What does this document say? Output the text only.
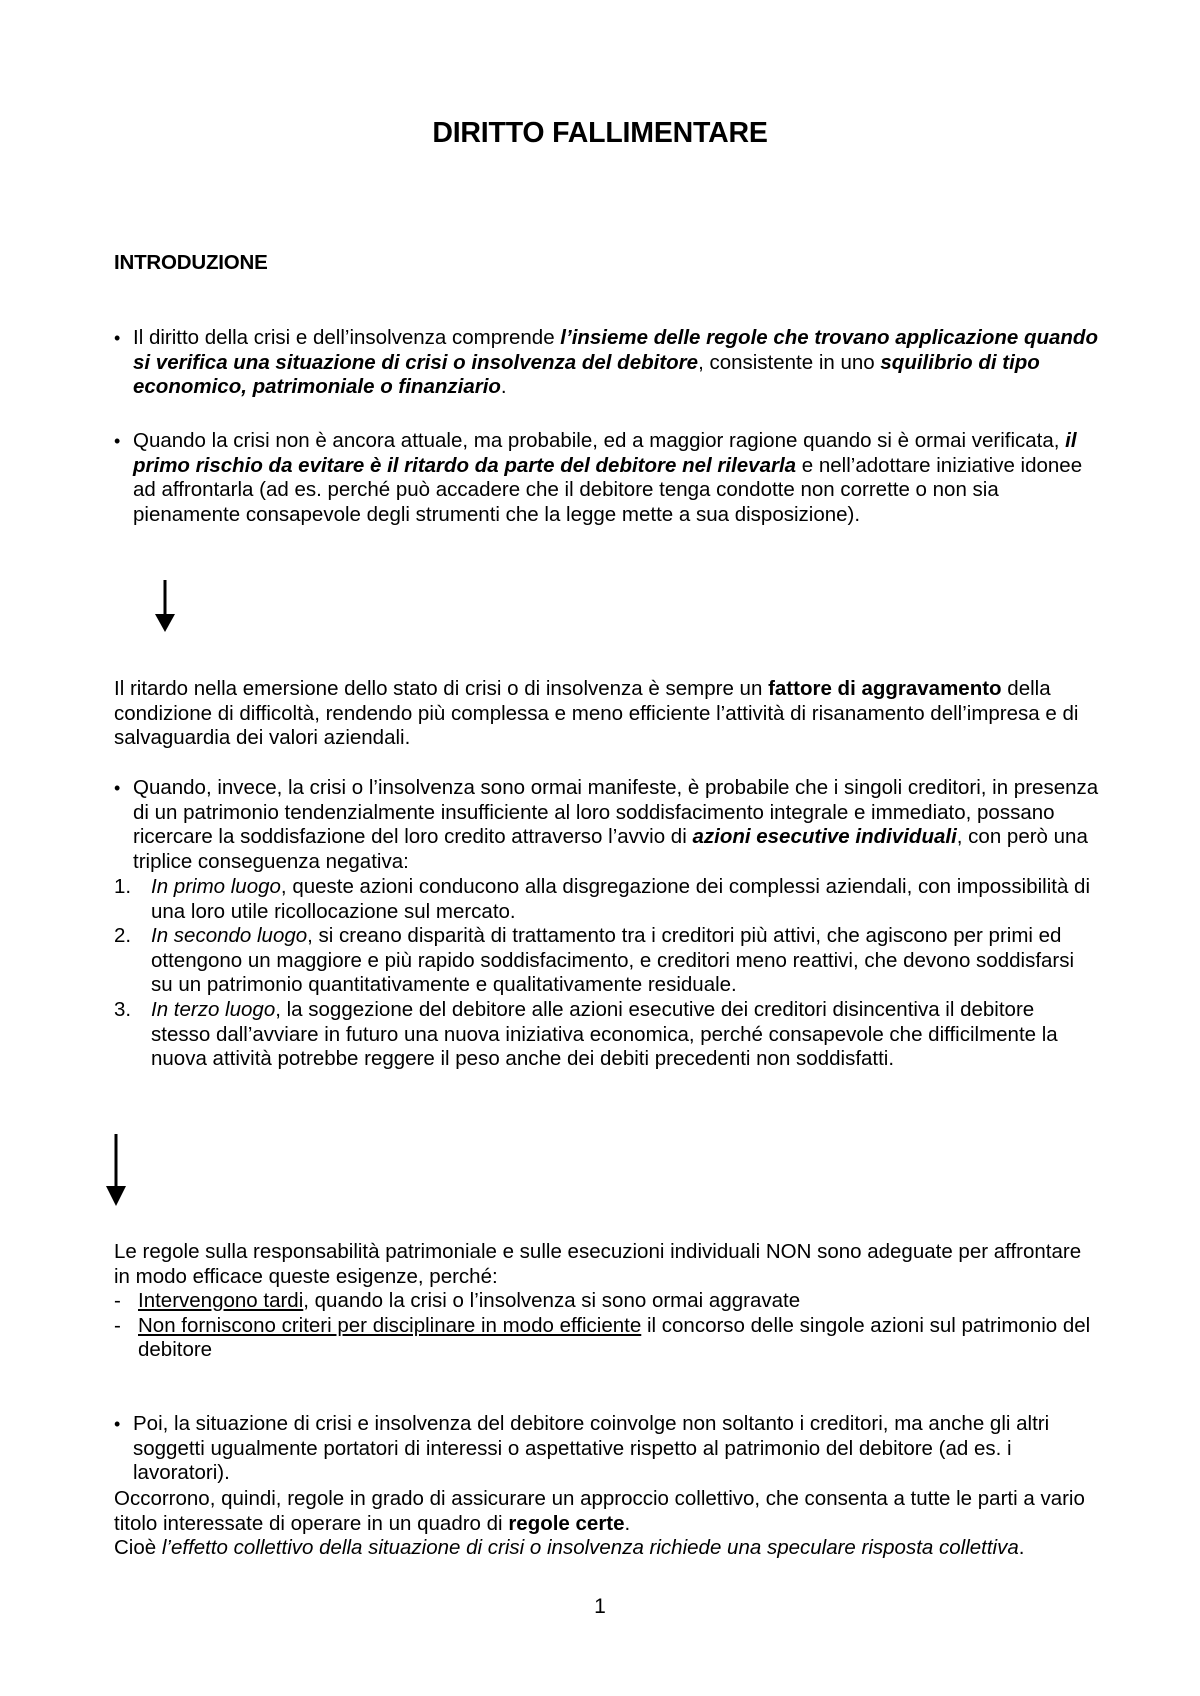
DIRITTO FALLIMENTARE
INTRODUZIONE
• Il diritto della crisi e dell’insolvenza comprende l’insieme delle regole che trovano applicazione quando si verifica una situazione di crisi o insolvenza del debitore, consistente in uno squilibrio di tipo economico, patrimoniale o finanziario.
• Quando la crisi non è ancora attuale, ma probabile, ed a maggior ragione quando si è ormai verificata, il primo rischio da evitare è il ritardo da parte del debitore nel rilevarla e nell’adottare iniziative idonee ad affrontarla (ad es. perché può accadere che il debitore tenga condotte non corrette o non sia pienamente consapevole degli strumenti che la legge mette a sua disposizione).
Il ritardo nella emersione dello stato di crisi o di insolvenza è sempre un fattore di aggravamento della condizione di difficoltà, rendendo più complessa e meno efficiente l’attività di risanamento dell’impresa e di salvaguardia dei valori aziendali.
• Quando, invece, la crisi o l’insolvenza sono ormai manifeste, è probabile che i singoli creditori, in presenza di un patrimonio tendenzialmente insufficiente al loro soddisfacimento integrale e immediato, possano ricercare la soddisfazione del loro credito attraverso l’avvio di azioni esecutive individuali, con però una triplice conseguenza negativa:
1. In primo luogo, queste azioni conducono alla disgregazione dei complessi aziendali, con impossibilità di una loro utile ricollocazione sul mercato.
2. In secondo luogo, si creano disparità di trattamento tra i creditori più attivi, che agiscono per primi ed ottengono un maggiore e più rapido soddisfacimento, e creditori meno reattivi, che devono soddisfarsi su un patrimonio quantitativamente e qualitativamente residuale.
3. In terzo luogo, la soggezione del debitore alle azioni esecutive dei creditori disincentiva il debitore stesso dall’avviare in futuro una nuova iniziativa economica, perché consapevole che difficilmente la nuova attività potrebbe reggere il peso anche dei debiti precedenti non soddisfatti.
Le regole sulla responsabilità patrimoniale e sulle esecuzioni individuali NON sono adeguate per affrontare in modo efficace queste esigenze, perché:
- Intervengono tardi, quando la crisi o l’insolvenza si sono ormai aggravate
- Non forniscono criteri per disciplinare in modo efficiente il concorso delle singole azioni sul patrimonio del debitore
• Poi, la situazione di crisi e insolvenza del debitore coinvolge non soltanto i creditori, ma anche gli altri soggetti ugualmente portatori di interessi o aspettative rispetto al patrimonio del debitore (ad es. i lavoratori).
Occorrono, quindi, regole in grado di assicurare un approccio collettivo, che consenta a tutte le parti a vario titolo interessate di operare in un quadro di regole certe.
Cioè l’effetto collettivo della situazione di crisi o insolvenza richiede una speculare risposta collettiva.
1
